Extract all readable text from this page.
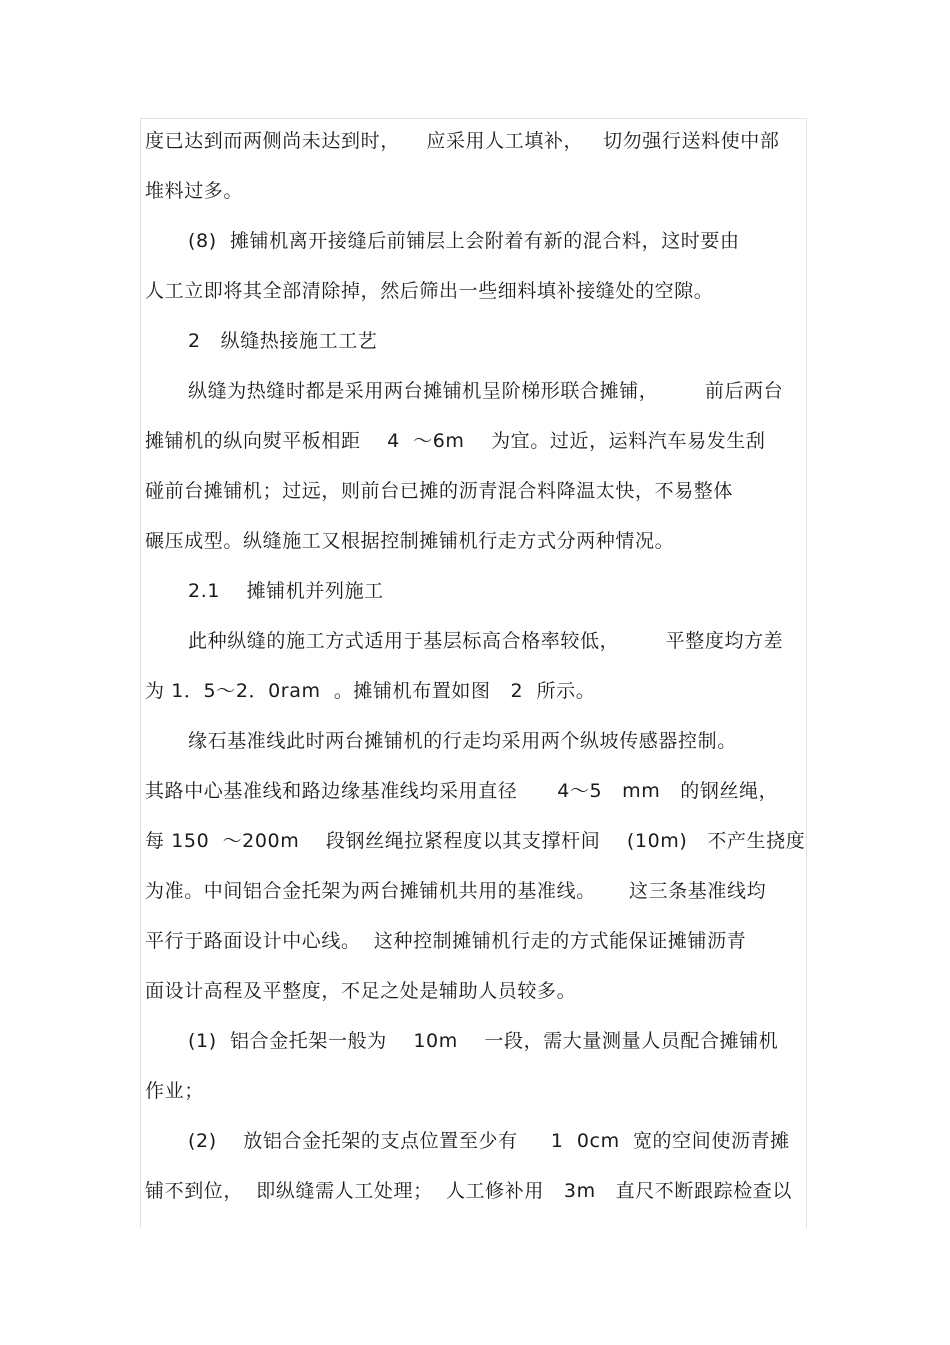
度已达到而两侧尚未达到时，    应采用人工填补，   切勿强行送料使中部
堆料过多。
(8)  摊铺机离开接缝后前铺层上会附着有新的混合料，这时要由
人工立即将其全部清除掉，然后筛出一些细料填补接缝处的空隙。
2   纵缝热接施工工艺
纵缝为热缝时都是采用两台摊铺机呈阶梯形联合摊铺，       前后两台
摊铺机的纵向熨平板相距    4  ～6m    为宜。过近，运料汽车易发生刮
碰前台摊铺机；过远，则前台已摊的沥青混合料降温太快，不易整体
碾压成型。纵缝施工又根据控制摊铺机行走方式分两种情况。
2.1    摊铺机并列施工
此种纵缝的施工方式适用于基层标高合格率较低，       平整度均方差
为 1．5～2．0ram  。摊铺机布置如图   2  所示。
缘石基准线此时两台摊铺机的行走均采用两个纵坡传感器控制。
其路中心基准线和路边缘基准线均采用直径      4～5   mm   的钢丝绳，
每 150  ～200m    段钢丝绳拉紧程度以其支撑杆间    (10m)   不产生挠度
为准。中间铝合金托架为两台摊铺机共用的基准线。     这三条基准线均
平行于路面设计中心线。  这种控制摊铺机行走的方式能保证摊铺沥青
面设计高程及平整度，不足之处是辅助人员较多。
(1)  铝合金托架一般为    10m    一段，需大量测量人员配合摊铺机
作业；
(2)    放铝合金托架的支点位置至少有     1  0cm  宽的空间使沥青摊
铺不到位，  即纵缝需人工处理；  人工修补用   3m   直尺不断跟踪检查以
